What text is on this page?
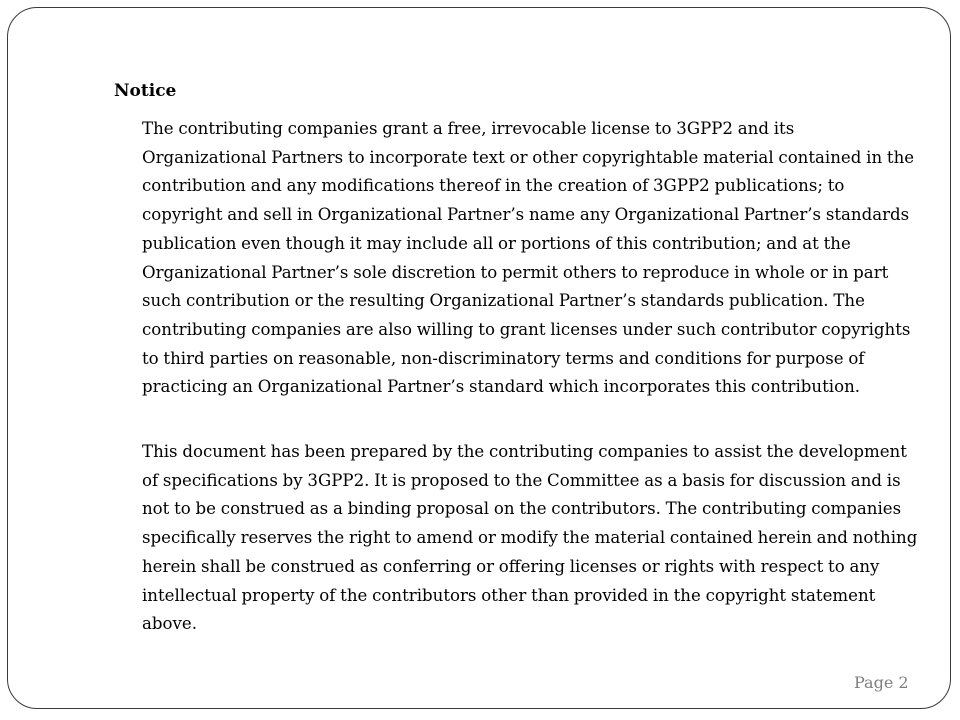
Notice

The contributing companies grant a free, irrevocable license to 3GPP2 and its Organizational Partners to incorporate text or other copyrightable material contained in the contribution and any modifications thereof in the creation of 3GPP2 publications; to copyright and sell in Organizational Partner’s name any Organizational Partner’s standards publication even though it may include all or portions of this contribution; and at the Organizational Partner’s sole discretion to permit others to reproduce in whole or in part such contribution or the resulting Organizational Partner’s standards publication. The contributing companies are also willing to grant licenses under such contributor copyrights to third parties on reasonable, non-discriminatory terms and conditions for purpose of practicing an Organizational Partner’s standard which incorporates this contribution.

This document has been prepared by the contributing companies to assist the development of specifications by 3GPP2. It is proposed to the Committee as a basis for discussion and is not to be construed as a binding proposal on the contributors. The contributing companies specifically reserves the right to amend or modify the material contained herein and nothing herein shall be construed as conferring or offering licenses or rights with respect to any intellectual property of the contributors other than provided in the copyright statement above.

Page 2
